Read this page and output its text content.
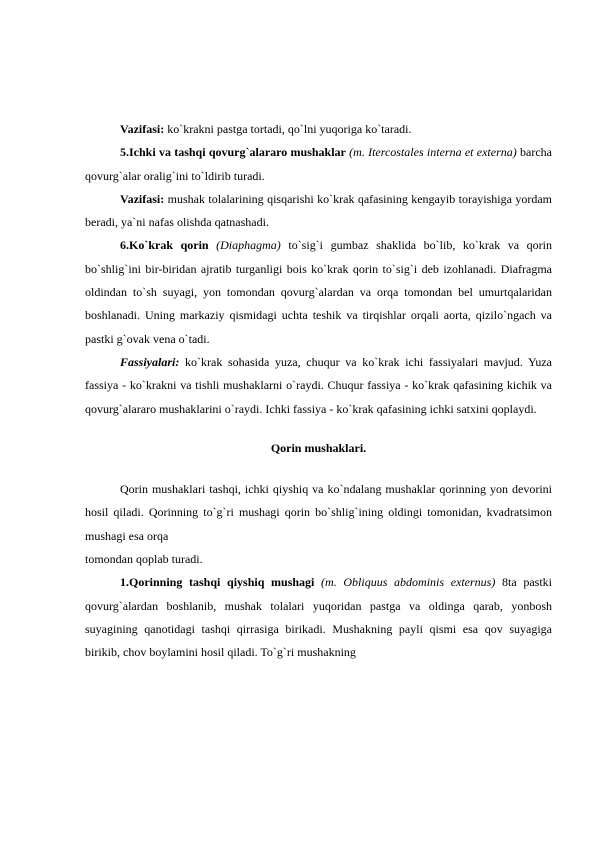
Vazifasi: ko`krakni pastga tortadi, qo`lni yuqoriga ko`taradi.

5.Ichki va tashqi qovurg`alararo mushaklar (m. Itercostales interna et externa) barcha qovurg`alar oralig`ini to`ldirib turadi.

Vazifasi: mushak tolalarining qisqarishi ko`krak qafasining kengayib torayishiga yordam beradi, ya`ni nafas olishda qatnashadi.

6.Ko`krak qorin (Diaphagma) to`sig`i gumbaz shaklida bo`lib, ko`krak va qorin bo`shlig`ini bir-biridan ajratib turganligi bois ko`krak qorin to`sig`i deb izohlanadi. Diafragma oldindan to`sh suyagi, yon tomondan qovurg`alardan va orqa tomondan bel umurtqalaridan boshlanadi. Uning markaziy qismidagi uchta teshik va tirqishlar orqali aorta, qizilo`ngach va pastki g`ovak vena o`tadi.

Fassiyalari: ko`krak sohasida yuza, chuqur va ko`krak ichi fassiyalari mavjud. Yuza fassiya - ko`krakni va tishli mushaklarni o`raydi. Chuqur fassiya - ko`krak qafasining kichik va qovurg`alararo mushaklarini o`raydi. Ichki fassiya - ko`krak qafasining ichki satxini qoplaydi.

Qorin mushaklari.

Qorin mushaklari tashqi, ichki qiyshiq va ko`ndalang mushaklar qorinning yon devorini hosil qiladi. Qorinning to`g`ri mushagi qorin bo`shlig`ining oldingi tomonidan, kvadratsimon mushagi esa orqa

tomondan qoplab turadi.

1.Qorinning tashqi qiyshiq mushagi (m. Obliquus abdominis externus) 8ta pastki qovurg`alardan boshlanib, mushak tolalari yuqoridan pastga va oldinga qarab, yonbosh suyagining qanotidagi tashqi qirrasiga birikadi. Mushakning payli qismi esa qov suyagiga birikib, chov boylamini hosil qiladi. To`g`ri mushakning
